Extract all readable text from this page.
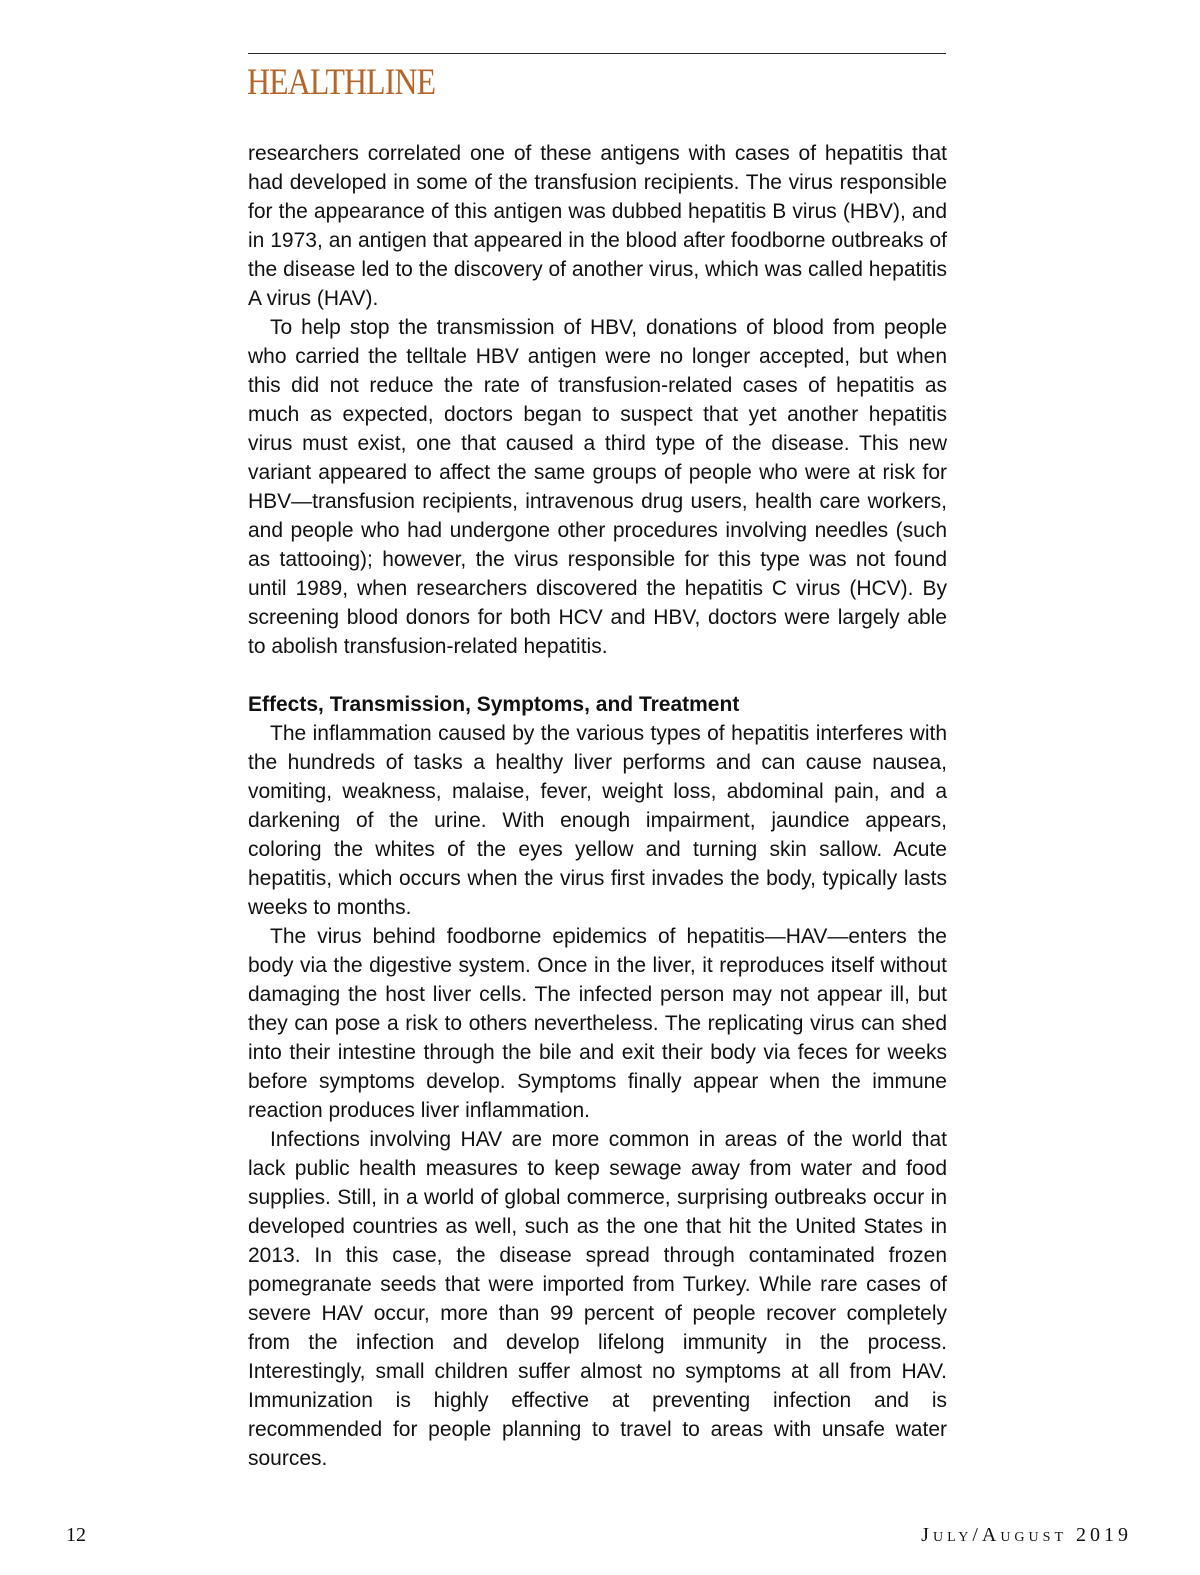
HEALTHLINE

researchers correlated one of these antigens with cases of hepatitis that had developed in some of the transfusion recipients. The virus responsible for the appearance of this antigen was dubbed hepatitis B virus (HBV), and in 1973, an antigen that appeared in the blood after foodborne outbreaks of the disease led to the discovery of another virus, which was called hepatitis A virus (HAV).

To help stop the transmission of HBV, donations of blood from people who carried the telltale HBV antigen were no longer accepted, but when this did not reduce the rate of transfusion-related cases of hepatitis as much as expected, doctors began to suspect that yet another hepatitis virus must exist, one that caused a third type of the disease. This new variant appeared to affect the same groups of people who were at risk for HBV—transfusion recipients, intravenous drug users, health care workers, and people who had undergone other procedures involving needles (such as tattooing); however, the virus responsible for this type was not found until 1989, when researchers discovered the hepatitis C virus (HCV). By screening blood donors for both HCV and HBV, doctors were largely able to abolish transfusion-related hepatitis.

Effects, Transmission, Symptoms, and Treatment

The inflammation caused by the various types of hepatitis interferes with the hundreds of tasks a healthy liver performs and can cause nausea, vomiting, weakness, malaise, fever, weight loss, abdominal pain, and a darkening of the urine. With enough impairment, jaundice appears, coloring the whites of the eyes yellow and turning skin sallow. Acute hepatitis, which occurs when the virus first invades the body, typically lasts weeks to months.

The virus behind foodborne epidemics of hepatitis—HAV—enters the body via the digestive system. Once in the liver, it reproduces itself without damaging the host liver cells. The infected person may not appear ill, but they can pose a risk to others nevertheless. The replicating virus can shed into their intestine through the bile and exit their body via feces for weeks before symptoms develop. Symptoms finally appear when the immune reaction produces liver inflammation.

Infections involving HAV are more common in areas of the world that lack public health measures to keep sewage away from water and food supplies. Still, in a world of global commerce, surprising outbreaks occur in developed countries as well, such as the one that hit the United States in 2013. In this case, the disease spread through contaminated frozen pomegranate seeds that were imported from Turkey. While rare cases of severe HAV occur, more than 99 percent of people recover completely from the infection and develop lifelong immunity in the process. Interestingly, small children suffer almost no symptoms at all from HAV. Immunization is highly effective at preventing infection and is recommended for people planning to travel to areas with unsafe water sources.

12	July/August 2019
